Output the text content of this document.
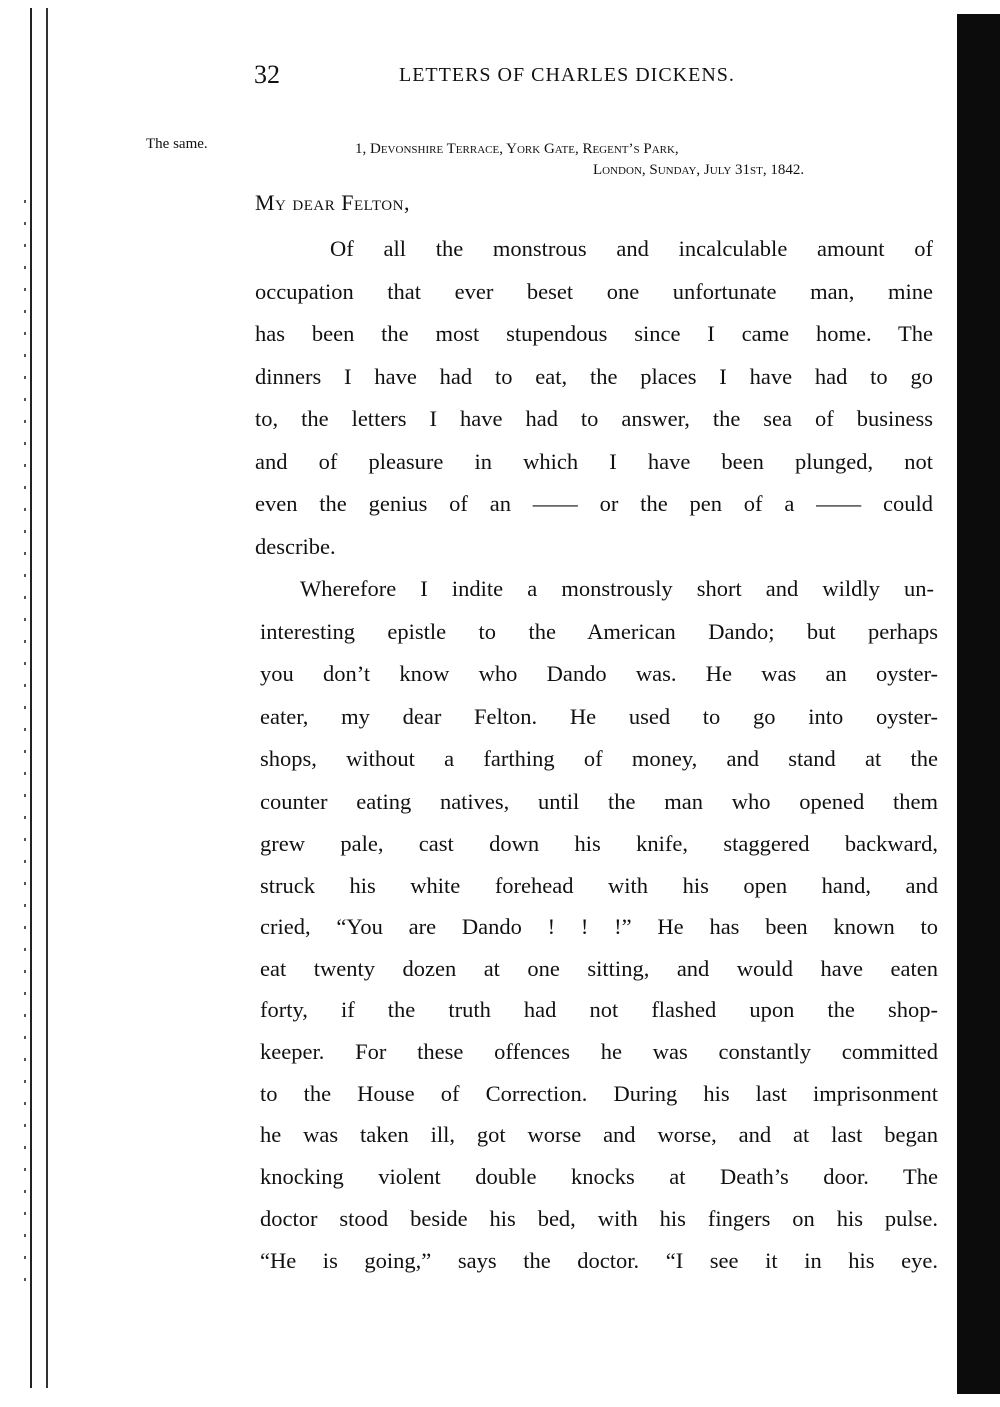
32	LETTERS OF CHARLES DICKENS.
The same.	1, Devonshire Terrace, York Gate, Regent’s Park,
London, Sunday, July 31st, 1842.
My dear Felton,
Of all the monstrous and incalculable amount of
occupation that ever beset one unfortunate man, mine
has been the most stupendous since I came home. The
dinners I have had to eat, the places I have had to go
to, the letters I have had to answer, the sea of business
and of pleasure in which I have been plunged, not
even the genius of an —— or the pen of a —— could
describe.
Wherefore I indite a monstrously short and wildly un-
interesting epistle to the American Dando; but perhaps
you don’t know who Dando was. He was an oyster-
eater, my dear Felton. He used to go into oyster-
shops, without a farthing of money, and stand at the
counter eating natives, until the man who opened them
grew pale, cast down his knife, staggered backward,
struck his white forehead with his open hand, and
cried, “You are Dando ! ! !” He has been known to
eat twenty dozen at one sitting, and would have eaten
forty, if the truth had not flashed upon the shop-
keeper. For these offences he was constantly committed
to the House of Correction. During his last imprisonment
he was taken ill, got worse and worse, and at last began
knocking violent double knocks at Death’s door. The
doctor stood beside his bed, with his fingers on his pulse.
“He is going,” says the doctor. “I see it in his eye.
